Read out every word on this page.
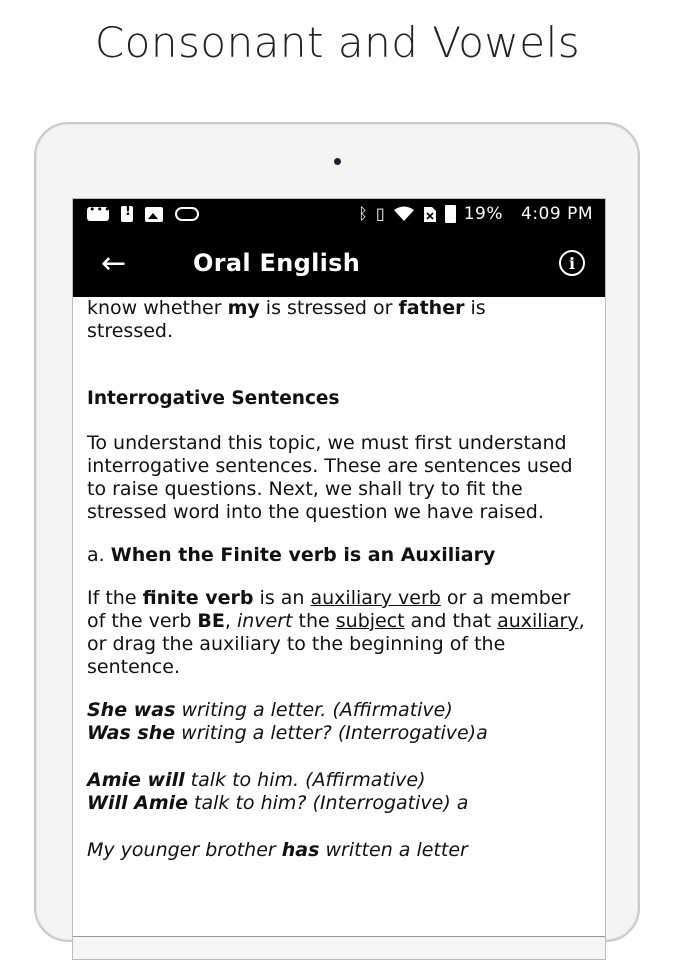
Consonant and Vowels
•••
!
ᛒ ▯	19% 4:09 PM
←	Oral English	i

know whether my is stressed or father is
stressed.

Interrogative Sentences

To understand this topic, we must first understand interrogative sentences. These are sentences used to raise questions. Next, we shall try to fit the stressed word into the question we have raised.

a. When the Finite verb is an Auxiliary

If the finite verb is an auxiliary verb or a member of the verb BE, invert the subject and that auxiliary, or drag the auxiliary to the beginning of the sentence.

She was writing a letter. (Affirmative)
Was she writing a letter? (Interrogative)a

Amie will talk to him. (Affirmative)
Will Amie talk to him? (Interrogative) a

My younger brother has written a letter
